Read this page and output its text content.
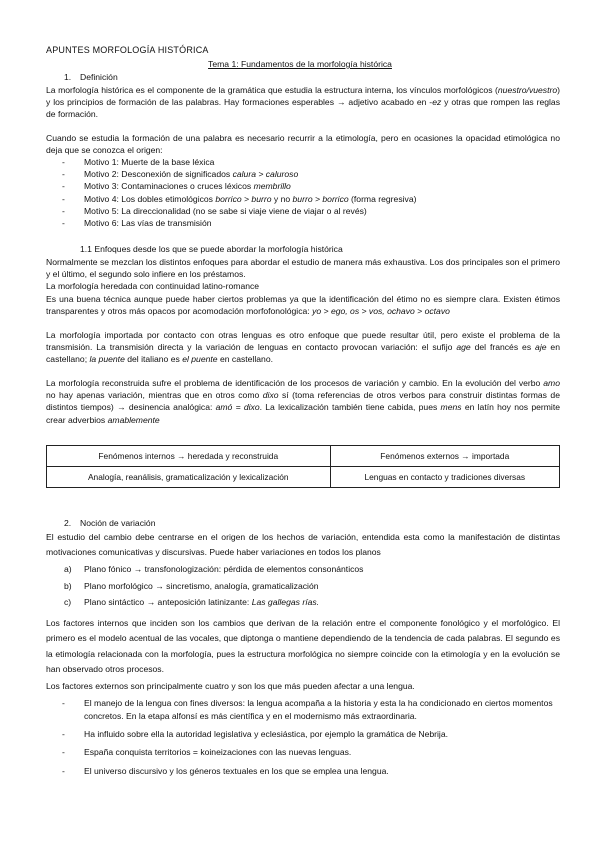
APUNTES MORFOLOGÍA HISTÓRICA
Tema 1: Fundamentos de la morfología histórica
1. Definición
La morfología histórica es el componente de la gramática que estudia la estructura interna, los vínculos morfológicos (nuestro/vuestro) y los principios de formación de las palabras. Hay formaciones esperables → adjetivo acabado en -ez y otras que rompen las reglas de formación.
Cuando se estudia la formación de una palabra es necesario recurrir a la etimología, pero en ocasiones la opacidad etimológica no deja que se conozca el origen:
- Motivo 1: Muerte de la base léxica
- Motivo 2: Desconexión de significados calura > caluroso
- Motivo 3: Contaminaciones o cruces léxicos membrillo
- Motivo 4: Los dobles etimológicos borrico > burro y no burro > borrico (forma regresiva)
- Motivo 5: La direccionalidad (no se sabe si viaje viene de viajar o al revés)
- Motivo 6: Las vías de transmisión
1.1 Enfoques desde los que se puede abordar la morfología histórica
Normalmente se mezclan los distintos enfoques para abordar el estudio de manera más exhaustiva. Los dos principales son el primero y el último, el segundo solo infiere en los préstamos.
La morfología heredada con continuidad latino-romance
Es una buena técnica aunque puede haber ciertos problemas ya que la identificación del étimo no es siempre clara. Existen étimos transparentes y otros más opacos por acomodación morfofonológica: yo > ego, os > vos, ochavo > octavo
La morfología importada por contacto con otras lenguas es otro enfoque que puede resultar útil, pero existe el problema de la transmisión. La transmisión directa y la variación de lenguas en contacto provocan variación: el sufijo age del francés es aje en castellano; la puente del italiano es el puente en castellano.
La morfología reconstruida sufre el problema de identificación de los procesos de variación y cambio. En la evolución del verbo amo no hay apenas variación, mientras que en otros como dixo sí (toma referencias de otros verbos para construir distintas formas de distintos tiempos) → desinencia analógica: amó = dixo. La lexicalización también tiene cabida, pues mens en latín hoy nos permite crear adverbios amablemente
Fenómenos internos → heredada y reconstruida	Fenómenos externos → importada
Analogía, reanálisis, gramaticalización y lexicalización	Lenguas en contacto y tradiciones diversas
2. Noción de variación
El estudio del cambio debe centrarse en el origen de los hechos de variación, entendida esta como la manifestación de distintas motivaciones comunicativas y discursivas. Puede haber variaciones en todos los planos
a) Plano fónico → transfonologización: pérdida de elementos consonánticos
b) Plano morfológico → sincretismo, analogía, gramaticalización
c) Plano sintáctico → anteposición latinizante: Las gallegas rías.
Los factores internos que inciden son los cambios que derivan de la relación entre el componente fonológico y el morfológico. El primero es el modelo acentual de las vocales, que diptonga o mantiene dependiendo de la tendencia de cada palabras. El segundo es la etimología relacionada con la morfología, pues la estructura morfológica no siempre coincide con la etimología y en la evolución se han observado otros procesos.
Los factores externos son principalmente cuatro y son los que más pueden afectar a una lengua.
- El manejo de la lengua con fines diversos: la lengua acompaña a la historia y esta la ha condicionado en ciertos momentos concretos. En la etapa alfonsí es más científica y en el modernismo más extraordinaria.
- Ha influido sobre ella la autoridad legislativa y eclesiástica, por ejemplo la gramática de Nebrija.
- España conquista territorios = koineizaciones con las nuevas lenguas.
- El universo discursivo y los géneros textuales en los que se emplea una lengua.
